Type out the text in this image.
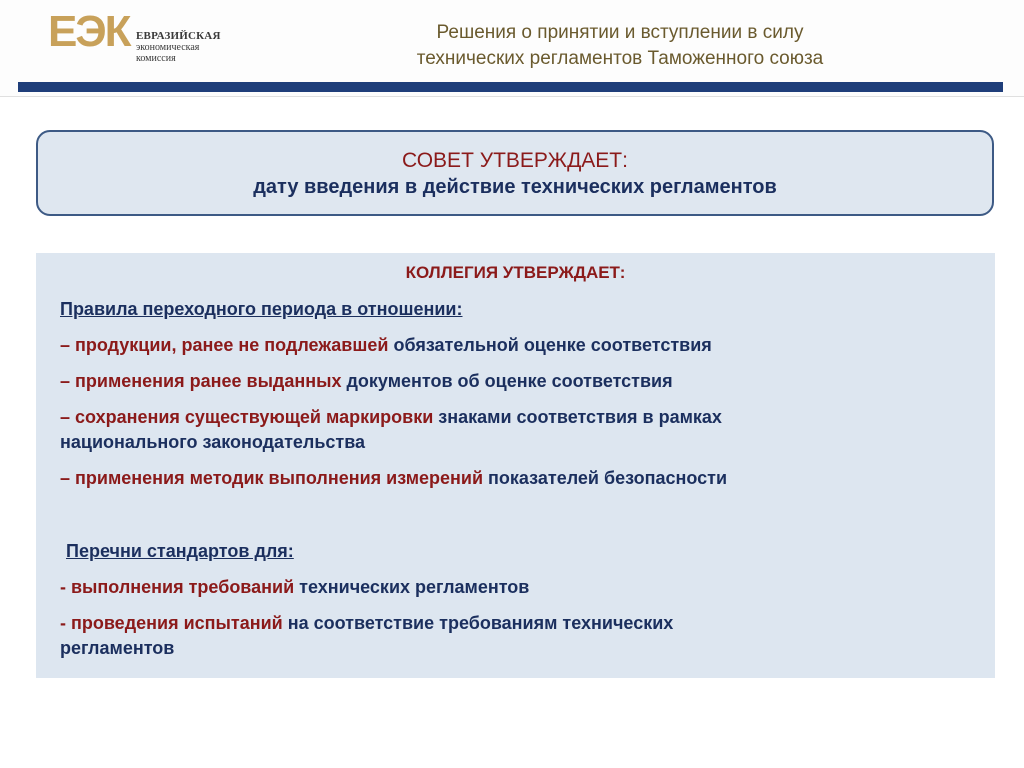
ЕЭК ЕВРАЗИЙСКАЯ
экономическая
комиссия
Решения о принятии и вступлении в силу
технических регламентов Таможенного союза
СОВЕТ УТВЕРЖДАЕТ:
дату введения в действие технических регламентов
КОЛЛЕГИЯ УТВЕРЖДАЕТ:
Правила переходного периода в отношении:
– продукции, ранее не подлежавшей обязательной оценке соответствия
– применения ранее выданных документов об оценке соответствия
– сохранения существующей маркировки знаками соответствия в рамках
национального законодательства
– применения методик выполнения измерений показателей безопасности
Перечни стандартов для:
- выполнения требований технических регламентов
- проведения испытаний на соответствие требованиям технических
регламентов
